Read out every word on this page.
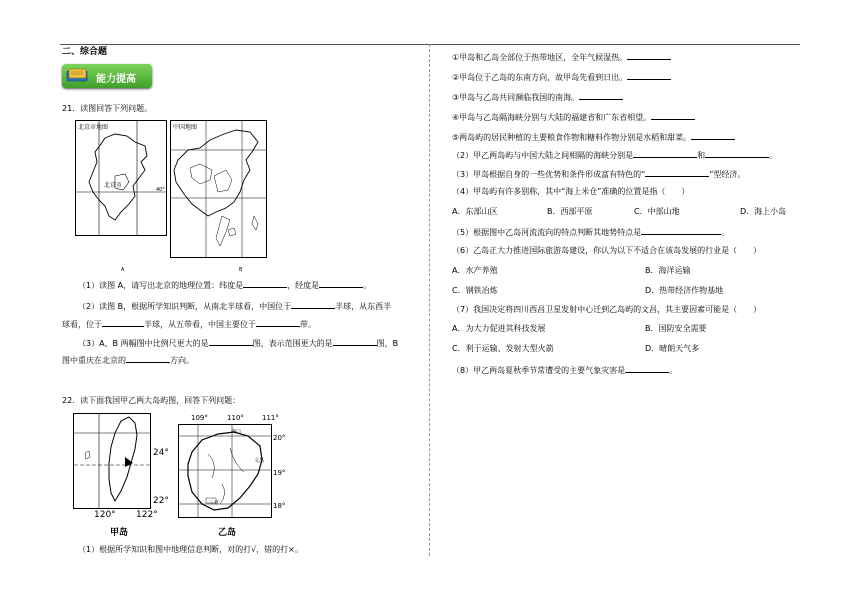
二、综合题
能力提高
21．读图回答下列问题。
北京市地图
北京市
40°
中国地图
A	B
（1）读图 A，请写出北京的地理位置：纬度是	，经度是	。
（2）读图 B，根据所学知识判断，从南北半球看，中国位于	半球，从东西半
球看，位于	半球，从五带看，中国主要位于	带。
（3）A、B 两幅图中比例尺更大的是	图，表示范围更大的是	图，B
图中重庆在北京的	方向。
22．读下面我国甲乙两大岛屿图，回答下列问题：
24°
22°
120° 122°
甲岛
109°	110°	111°
海口
文昌
三亚
20°
19°
18°
乙岛
（1）根据所学知识和图中地理信息判断，对的打√，错的打×。
①甲岛和乙岛全部位于热带地区，全年气候湿热。
②甲岛位于乙岛的东南方向，故甲岛先看到日出。
③甲岛与乙岛共同濒临我国的南海。
④甲岛与乙岛隔海峡分别与大陆的福建省和广东省相望。
⑤两岛屿的居民种植的主要粮食作物和糖料作物分别是水稻和甜菜。
（2）甲乙两岛屿与中国大陆之间相隔的海峡分别是	和	。
（3）甲岛根据自身的一些优势和条件形成富有特色的“	”型经济。
（4）甲岛屿有许多别称，其中“海上米仓”准确的位置是指（　　）
A．东部山区	B．西部平原	C．中部山地	D．海上小岛
（5）根据图中乙岛河流流向的特点判断其地势特点是	。
（6）乙岛正大力推进国际旅游岛建设，你认为以下不适合在该岛发展的行业是（　　）
A．水产养殖	B．海洋运输
C．钢铁冶炼	D．热带经济作物基地
（7）我国决定将四川西昌卫星发射中心迁到乙岛屿的文昌，其主要因素可能是（　　）
A．为大力促进其科技发展	B．国防安全需要
C．利于运输、发射大型火箭	D．晴朗天气多
（8）甲乙两岛夏秋季节常遭受的主要气象灾害是	。
